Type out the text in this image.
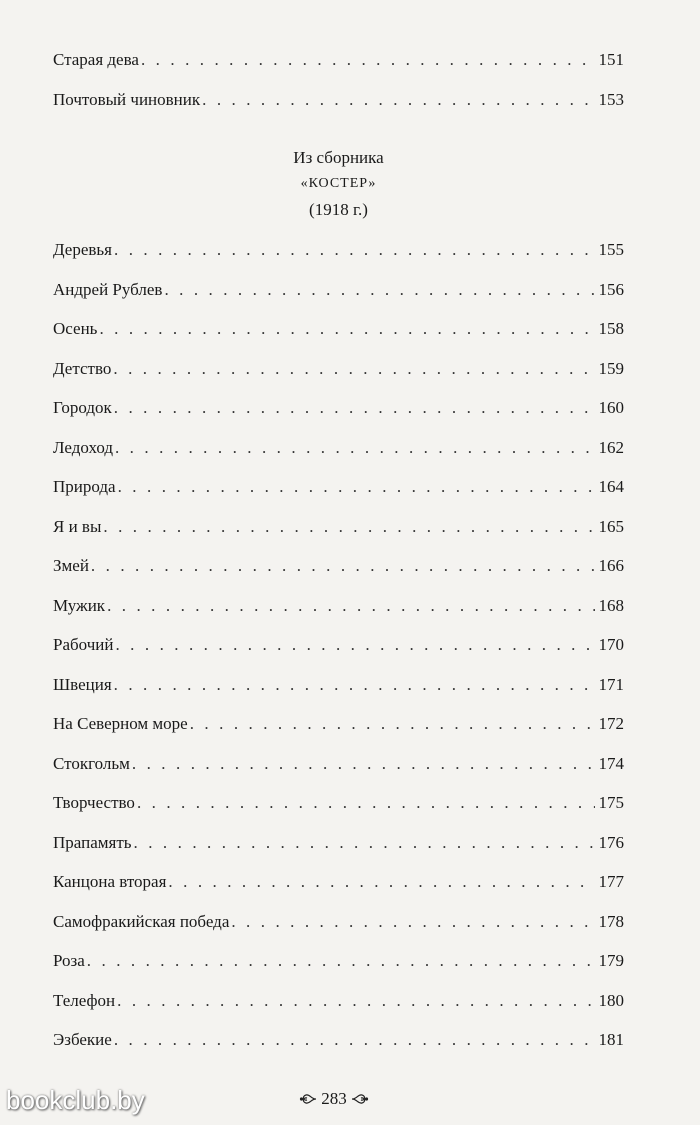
Старая дева . . .	151
Почтовый чиновник . . .	153
Из сборника
«КОСТЕР»
(1918 г.)
Деревья . . .	155
Андрей Рублев . . .	156
Осень . . .	158
Детство . . .	159
Городок . . .	160
Ледоход . . .	162
Природа . . .	164
Я и вы . . .	165
Змей . . .	166
Мужик . . .	168
Рабочий . . .	170
Швеция . . .	171
На Северном море . . .	172
Стокгольм . . .	174
Творчество . . .	175
Прапамять . . .	176
Канцона вторая . . .	177
Самофракийская победа . . .	178
Роза . . .	179
Телефон . . .	180
Эзбекие . . .	181
bookclub.by	283
